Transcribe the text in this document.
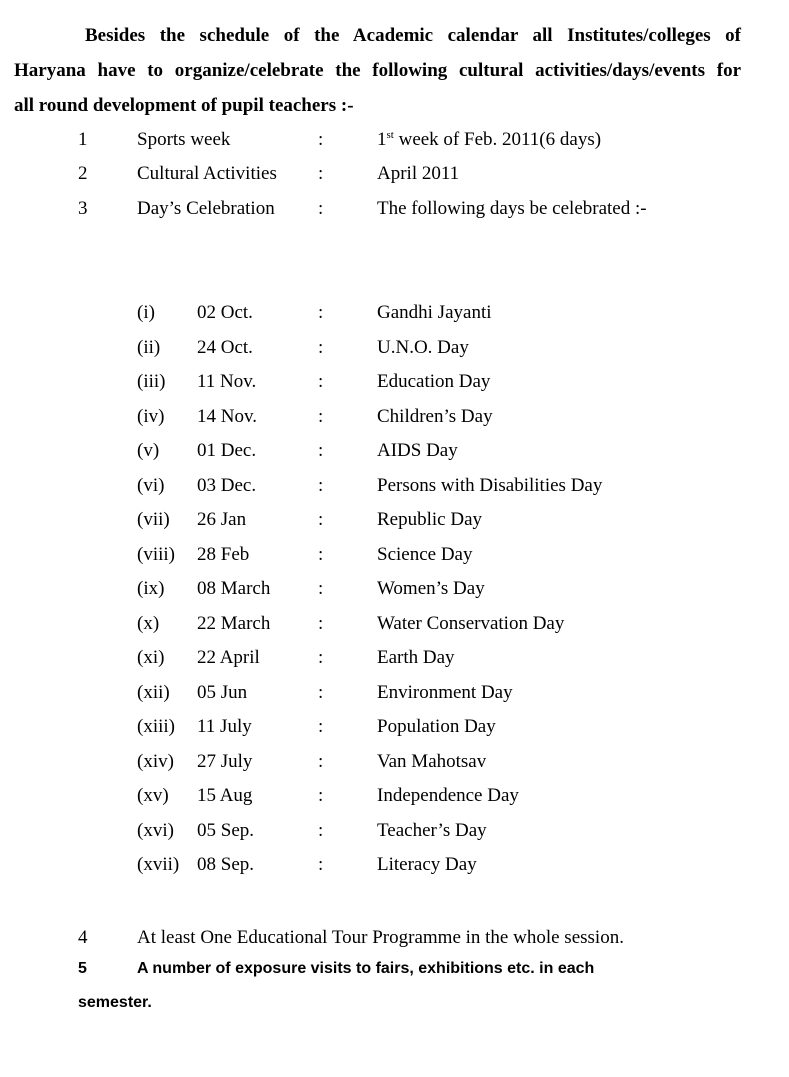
Besides the schedule of the Academic calendar all Institutes/colleges of
Haryana have to organize/celebrate the following cultural activities/days/events for
all round development of pupil teachers :-
1	Sports week	:	1st week of Feb. 2011(6 days)
2	Cultural Activities :	April 2011
3	Day’s Celebration :	The following days be celebrated :-
(i) 02 Oct.	:	Gandhi Jayanti
(ii) 24 Oct.	:	U.N.O. Day
(iii) 11 Nov.	:	Education Day
(iv) 14 Nov.	:	Children’s Day
(v) 01 Dec.	:	AIDS Day
(vi) 03 Dec.	:	Persons with Disabilities Day
(vii) 26 Jan	:	Republic Day
(viii) 28 Feb	:	Science Day
(ix) 08 March	:	Women’s Day
(x) 22 March	:	Water Conservation Day
(xi) 22 April	:	Earth Day
(xii) 05 Jun	:	Environment Day
(xiii) 11 July	:	Population Day
(xiv) 27 July	:	Van Mahotsav
(xv) 15 Aug	:	Independence Day
(xvi) 05 Sep.	:	Teacher’s Day
(xvii) 08 Sep.	:	Literacy Day
4	At least One Educational Tour Programme in the whole session.
5	A number of exposure visits to fairs, exhibitions etc. in each
semester.
